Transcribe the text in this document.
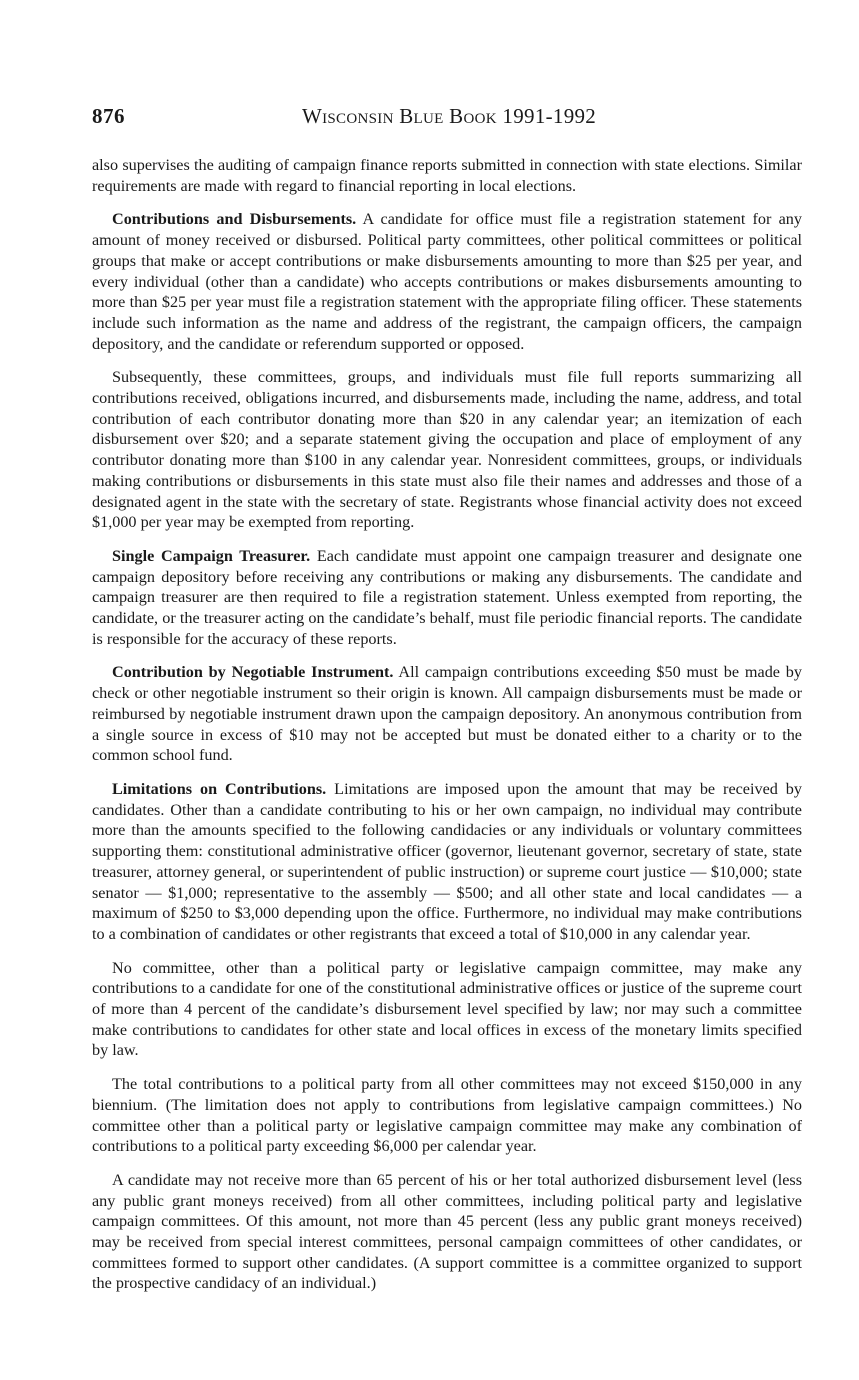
876	Wisconsin Blue Book 1991-1992

also supervises the auditing of campaign finance reports submitted in connection with state elections. Similar requirements are made with regard to financial reporting in local elections.

Contributions and Disbursements. A candidate for office must file a registration statement for any amount of money received or disbursed. Political party committees, other political committees or political groups that make or accept contributions or make disbursements amounting to more than $25 per year, and every individual (other than a candidate) who accepts contributions or makes disbursements amounting to more than $25 per year must file a registration statement with the appropriate filing officer. These statements include such information as the name and address of the registrant, the campaign officers, the campaign depository, and the candidate or referendum supported or opposed.

Subsequently, these committees, groups, and individuals must file full reports summarizing all contributions received, obligations incurred, and disbursements made, including the name, address, and total contribution of each contributor donating more than $20 in any calendar year; an itemization of each disbursement over $20; and a separate statement giving the occupation and place of employment of any contributor donating more than $100 in any calendar year. Nonresident committees, groups, or individuals making contributions or disbursements in this state must also file their names and addresses and those of a designated agent in the state with the secretary of state. Registrants whose financial activity does not exceed $1,000 per year may be exempted from reporting.

Single Campaign Treasurer. Each candidate must appoint one campaign treasurer and designate one campaign depository before receiving any contributions or making any disbursements. The candidate and campaign treasurer are then required to file a registration statement. Unless exempted from reporting, the candidate, or the treasurer acting on the candidate’s behalf, must file periodic financial reports. The candidate is responsible for the accuracy of these reports.

Contribution by Negotiable Instrument. All campaign contributions exceeding $50 must be made by check or other negotiable instrument so their origin is known. All campaign disbursements must be made or reimbursed by negotiable instrument drawn upon the campaign depository. An anonymous contribution from a single source in excess of $10 may not be accepted but must be donated either to a charity or to the common school fund.

Limitations on Contributions. Limitations are imposed upon the amount that may be received by candidates. Other than a candidate contributing to his or her own campaign, no individual may contribute more than the amounts specified to the following candidacies or any individuals or voluntary committees supporting them: constitutional administrative officer (governor, lieutenant governor, secretary of state, state treasurer, attorney general, or superintendent of public instruction) or supreme court justice — $10,000; state senator — $1,000; representative to the assembly — $500; and all other state and local candidates — a maximum of $250 to $3,000 depending upon the office. Furthermore, no individual may make contributions to a combination of candidates or other registrants that exceed a total of $10,000 in any calendar year.

No committee, other than a political party or legislative campaign committee, may make any contributions to a candidate for one of the constitutional administrative offices or justice of the supreme court of more than 4 percent of the candidate’s disbursement level specified by law; nor may such a committee make contributions to candidates for other state and local offices in excess of the monetary limits specified by law.

The total contributions to a political party from all other committees may not exceed $150,000 in any biennium. (The limitation does not apply to contributions from legislative campaign committees.) No committee other than a political party or legislative campaign committee may make any combination of contributions to a political party exceeding $6,000 per calendar year.

A candidate may not receive more than 65 percent of his or her total authorized disbursement level (less any public grant moneys received) from all other committees, including political party and legislative campaign committees. Of this amount, not more than 45 percent (less any public grant moneys received) may be received from special interest committees, personal campaign committees of other candidates, or committees formed to support other candidates. (A support committee is a committee organized to support the prospective candidacy of an individual.)
